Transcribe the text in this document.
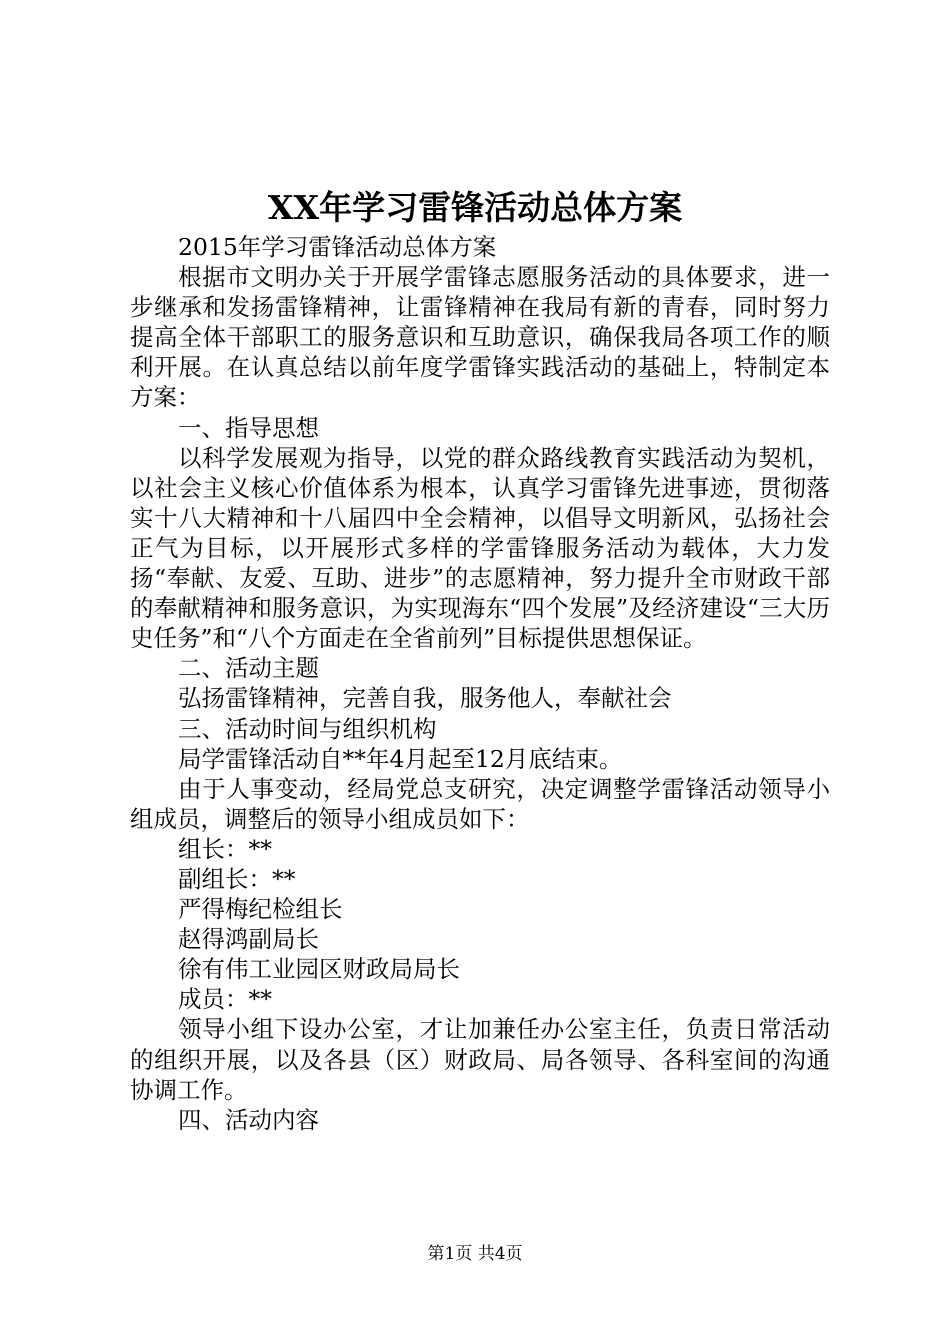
XX年学习雷锋活动总体方案

2015年学习雷锋活动总体方案

根据市文明办关于开展学雷锋志愿服务活动的具体要求，进一步继承和发扬雷锋精神，让雷锋精神在我局有新的青春，同时努力提高全体干部职工的服务意识和互助意识，确保我局各项工作的顺利开展。在认真总结以前年度学雷锋实践活动的基础上，特制定本方案：

一、指导思想

以科学发展观为指导，以党的群众路线教育实践活动为契机，以社会主义核心价值体系为根本，认真学习雷锋先进事迹，贯彻落实十八大精神和十八届四中全会精神，以倡导文明新风，弘扬社会正气为目标，以开展形式多样的学雷锋服务活动为载体，大力发扬“奉献、友爱、互助、进步”的志愿精神，努力提升全市财政干部的奉献精神和服务意识，为实现海东“四个发展”及经济建设“三大历史任务”和“八个方面走在全省前列”目标提供思想保证。

二、活动主题

弘扬雷锋精神，完善自我，服务他人，奉献社会

三、活动时间与组织机构

局学雷锋活动自**年4月起至12月底结束。

由于人事变动，经局党总支研究，决定调整学雷锋活动领导小组成员，调整后的领导小组成员如下：

组长：**

副组长：**

严得梅纪检组长

赵得鸿副局长

徐有伟工业园区财政局局长

成员：**

领导小组下设办公室，才让加兼任办公室主任，负责日常活动的组织开展，以及各县（区）财政局、局各领导、各科室间的沟通协调工作。

四、活动内容

第1页 共4页
